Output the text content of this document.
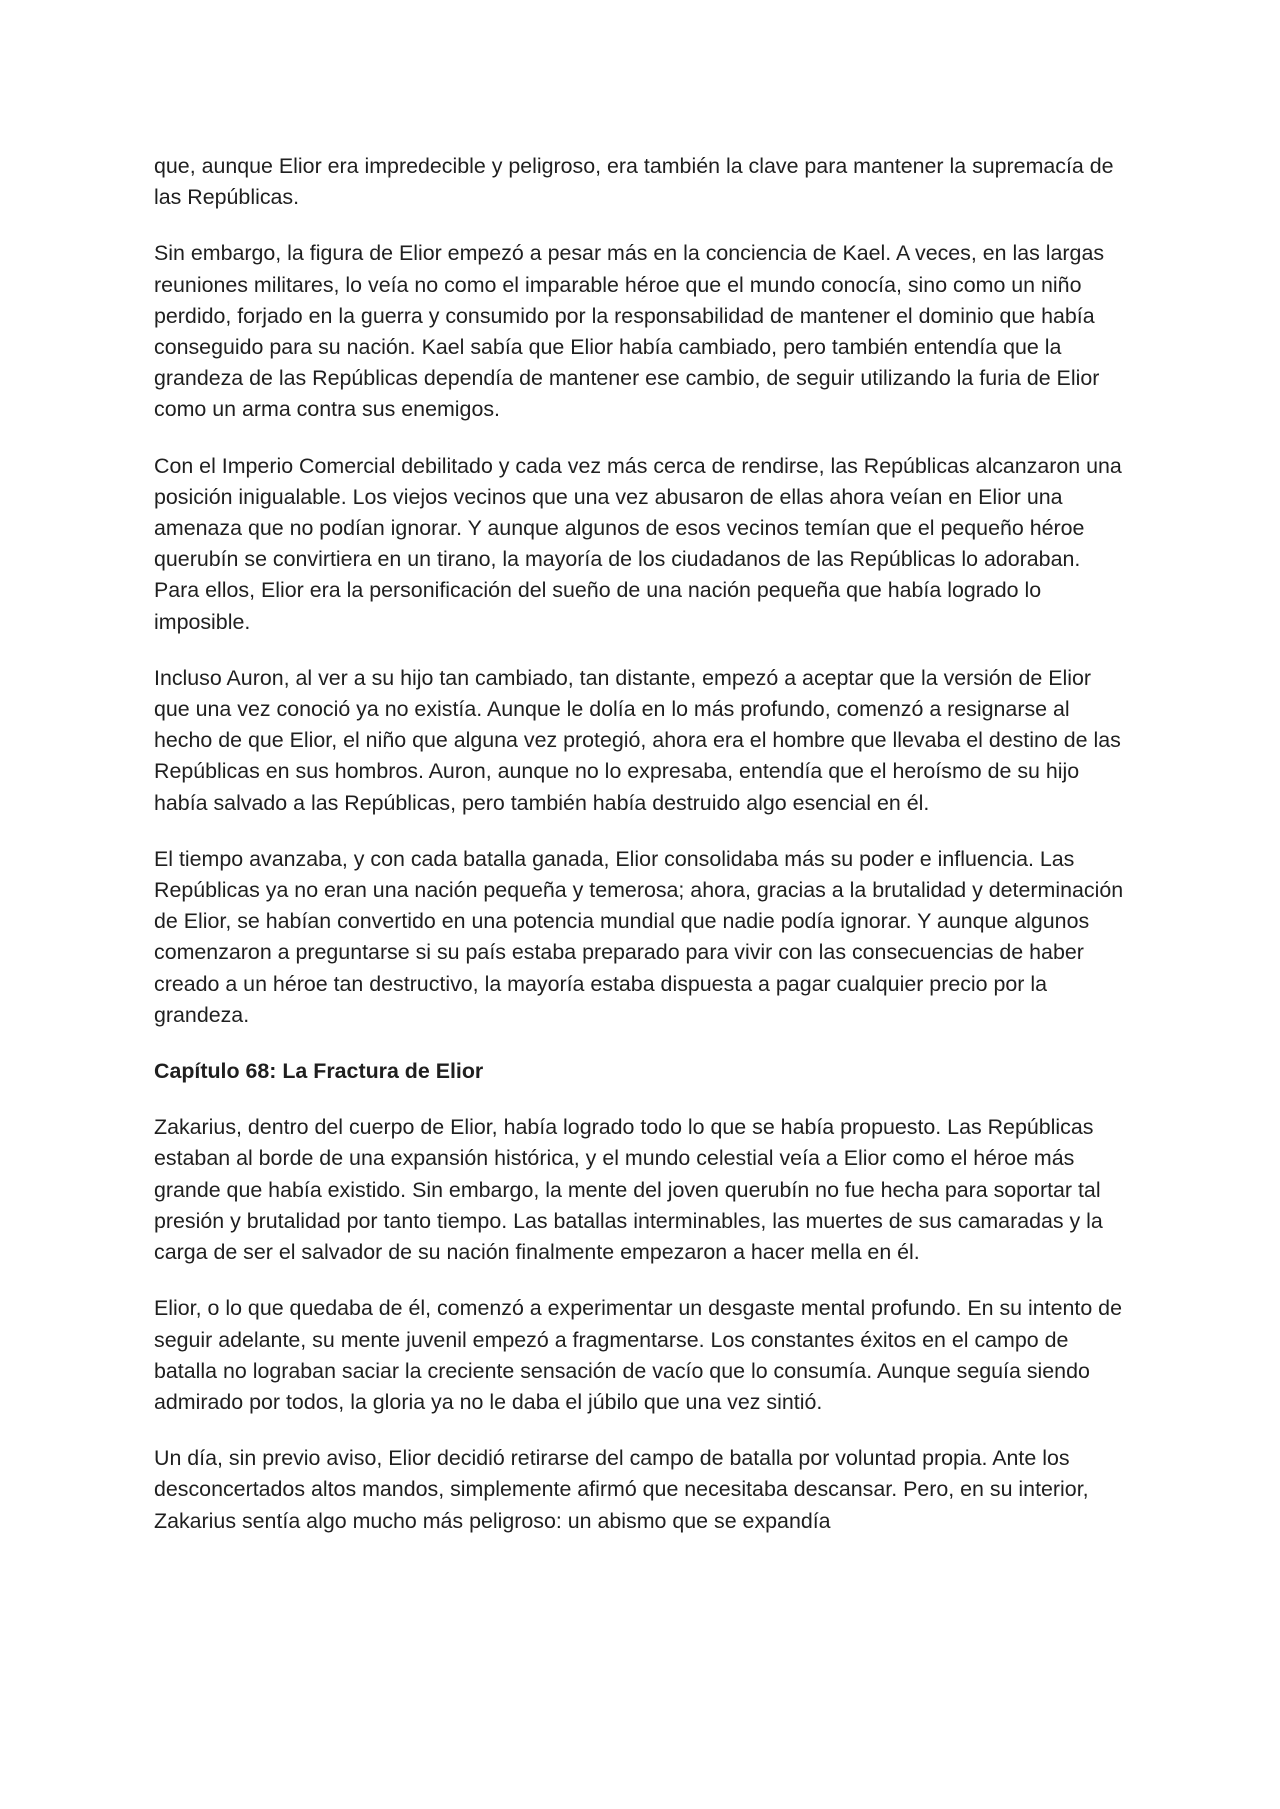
que, aunque Elior era impredecible y peligroso, era también la clave para mantener la supremacía de las Repúblicas.

Sin embargo, la figura de Elior empezó a pesar más en la conciencia de Kael. A veces, en las largas reuniones militares, lo veía no como el imparable héroe que el mundo conocía, sino como un niño perdido, forjado en la guerra y consumido por la responsabilidad de mantener el dominio que había conseguido para su nación. Kael sabía que Elior había cambiado, pero también entendía que la grandeza de las Repúblicas dependía de mantener ese cambio, de seguir utilizando la furia de Elior como un arma contra sus enemigos.

Con el Imperio Comercial debilitado y cada vez más cerca de rendirse, las Repúblicas alcanzaron una posición inigualable. Los viejos vecinos que una vez abusaron de ellas ahora veían en Elior una amenaza que no podían ignorar. Y aunque algunos de esos vecinos temían que el pequeño héroe querubín se convirtiera en un tirano, la mayoría de los ciudadanos de las Repúblicas lo adoraban. Para ellos, Elior era la personificación del sueño de una nación pequeña que había logrado lo imposible.

Incluso Auron, al ver a su hijo tan cambiado, tan distante, empezó a aceptar que la versión de Elior que una vez conoció ya no existía. Aunque le dolía en lo más profundo, comenzó a resignarse al hecho de que Elior, el niño que alguna vez protegió, ahora era el hombre que llevaba el destino de las Repúblicas en sus hombros. Auron, aunque no lo expresaba, entendía que el heroísmo de su hijo había salvado a las Repúblicas, pero también había destruido algo esencial en él.

El tiempo avanzaba, y con cada batalla ganada, Elior consolidaba más su poder e influencia. Las Repúblicas ya no eran una nación pequeña y temerosa; ahora, gracias a la brutalidad y determinación de Elior, se habían convertido en una potencia mundial que nadie podía ignorar. Y aunque algunos comenzaron a preguntarse si su país estaba preparado para vivir con las consecuencias de haber creado a un héroe tan destructivo, la mayoría estaba dispuesta a pagar cualquier precio por la grandeza.

Capítulo 68: La Fractura de Elior

Zakarius, dentro del cuerpo de Elior, había logrado todo lo que se había propuesto. Las Repúblicas estaban al borde de una expansión histórica, y el mundo celestial veía a Elior como el héroe más grande que había existido. Sin embargo, la mente del joven querubín no fue hecha para soportar tal presión y brutalidad por tanto tiempo. Las batallas interminables, las muertes de sus camaradas y la carga de ser el salvador de su nación finalmente empezaron a hacer mella en él.

Elior, o lo que quedaba de él, comenzó a experimentar un desgaste mental profundo. En su intento de seguir adelante, su mente juvenil empezó a fragmentarse. Los constantes éxitos en el campo de batalla no lograban saciar la creciente sensación de vacío que lo consumía. Aunque seguía siendo admirado por todos, la gloria ya no le daba el júbilo que una vez sintió.

Un día, sin previo aviso, Elior decidió retirarse del campo de batalla por voluntad propia. Ante los desconcertados altos mandos, simplemente afirmó que necesitaba descansar. Pero, en su interior, Zakarius sentía algo mucho más peligroso: un abismo que se expandía
